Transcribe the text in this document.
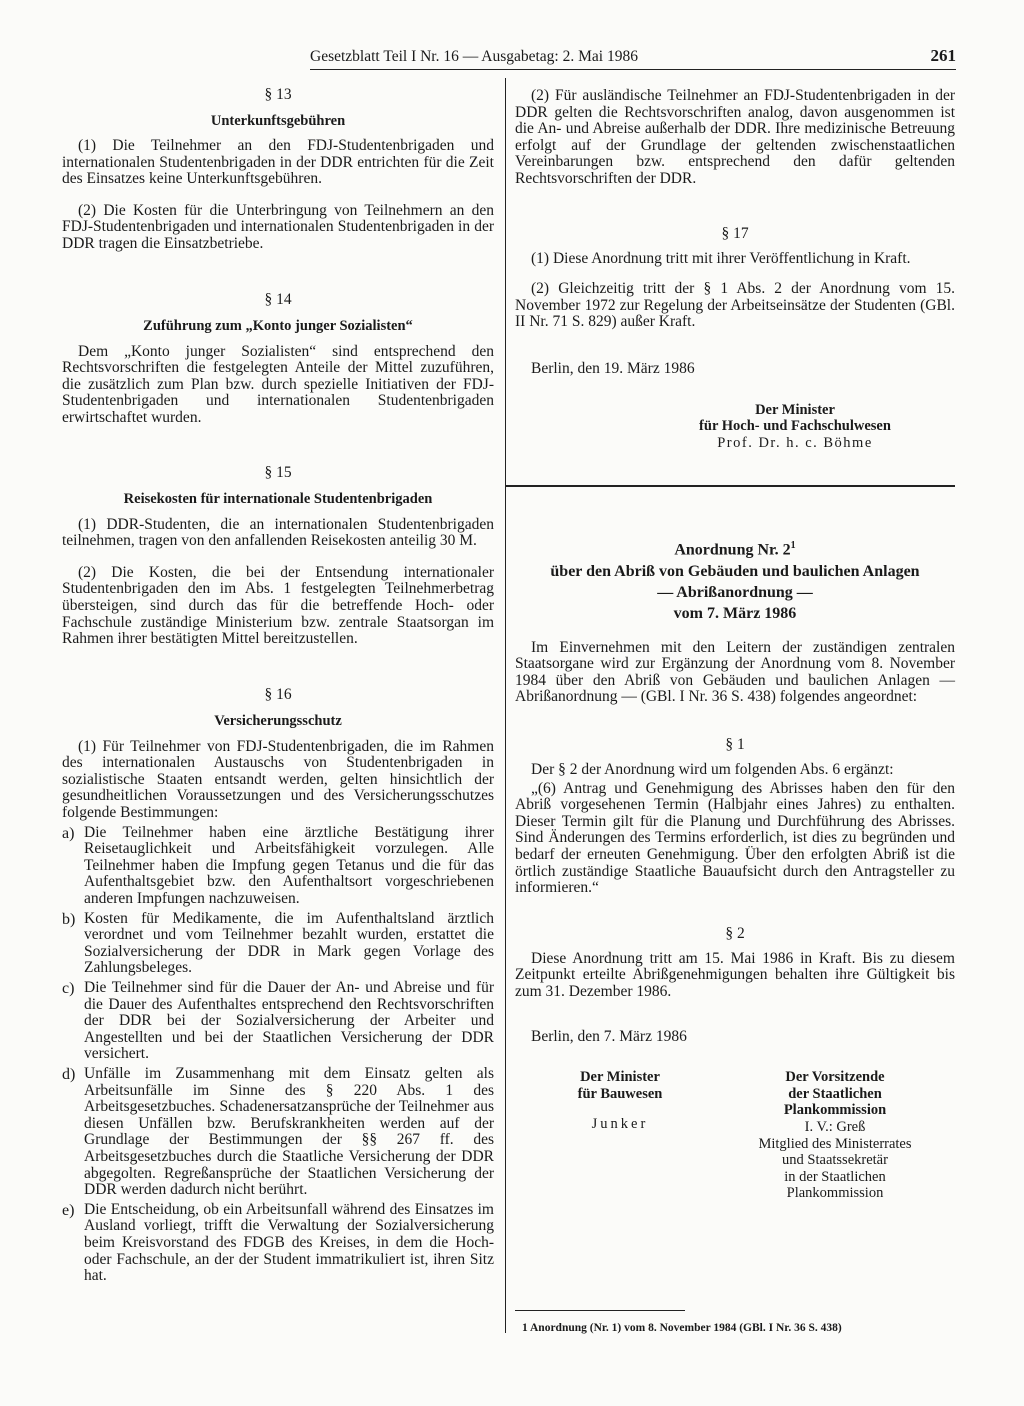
Gesetzblatt Teil I Nr. 16 — Ausgabetag: 2. Mai 1986	261
§ 13
Unterkunftsgebühren

(1) Die Teilnehmer an den FDJ-Studentenbrigaden und internationalen Studentenbrigaden in der DDR entrichten für die Zeit des Einsatzes keine Unterkunftsgebühren.

(2) Die Kosten für die Unterbringung von Teilnehmern an den FDJ-Studentenbrigaden und internationalen Studentenbrigaden in der DDR tragen die Einsatzbetriebe.

§ 14
Zuführung zum „Konto junger Sozialisten“

Dem „Konto junger Sozialisten“ sind entsprechend den Rechtsvorschriften die festgelegten Anteile der Mittel zuzuführen, die zusätzlich zum Plan bzw. durch spezielle Initiativen der FDJ-Studentenbrigaden und internationalen Studentenbrigaden erwirtschaftet wurden.

§ 15
Reisekosten für internationale Studentenbrigaden

(1) DDR-Studenten, die an internationalen Studentenbrigaden teilnehmen, tragen von den anfallenden Reisekosten anteilig 30 M.

(2) Die Kosten, die bei der Entsendung internationaler Studentenbrigaden den im Abs. 1 festgelegten Teilnehmerbetrag übersteigen, sind durch das für die betreffende Hoch- oder Fachschule zuständige Ministerium bzw. zentrale Staatsorgan im Rahmen ihrer bestätigten Mittel bereitzustellen.

§ 16
Versicherungsschutz

(1) Für Teilnehmer von FDJ-Studentenbrigaden, die im Rahmen des internationalen Austauschs von Studentenbrigaden in sozialistische Staaten entsandt werden, gelten hinsichtlich der gesundheitlichen Voraussetzungen und des Versicherungsschutzes folgende Bestimmungen:

a) Die Teilnehmer haben eine ärztliche Bestätigung ihrer Reisetauglichkeit und Arbeitsfähigkeit vorzulegen. Alle Teilnehmer haben die Impfung gegen Tetanus und die für das Aufenthaltsgebiet bzw. den Aufenthaltsort vorgeschriebenen anderen Impfungen nachzuweisen.

b) Kosten für Medikamente, die im Aufenthaltsland ärztlich verordnet und vom Teilnehmer bezahlt wurden, erstattet die Sozialversicherung der DDR in Mark gegen Vorlage des Zahlungsbeleges.

c) Die Teilnehmer sind für die Dauer der An- und Abreise und für die Dauer des Aufenthaltes entsprechend den Rechtsvorschriften der DDR bei der Sozialversicherung der Arbeiter und Angestellten und bei der Staatlichen Versicherung der DDR versichert.

d) Unfälle im Zusammenhang mit dem Einsatz gelten als Arbeitsunfälle im Sinne des § 220 Abs. 1 des Arbeitsgesetzbuches. Schadenersatzansprüche der Teilnehmer aus diesen Unfällen bzw. Berufskrankheiten werden auf der Grundlage der Bestimmungen der §§ 267 ff. des Arbeitsgesetzbuches durch die Staatliche Versicherung der DDR abgegolten. Regreßansprüche der Staatlichen Versicherung der DDR werden dadurch nicht berührt.

e) Die Entscheidung, ob ein Arbeitsunfall während des Einsatzes im Ausland vorliegt, trifft die Verwaltung der Sozialversicherung beim Kreisvorstand des FDGB des Kreises, in dem die Hoch- oder Fachschule, an der der Student immatrikuliert ist, ihren Sitz hat.

(2) Für ausländische Teilnehmer an FDJ-Studentenbrigaden in der DDR gelten die Rechtsvorschriften analog, davon ausgenommen ist die An- und Abreise außerhalb der DDR. Ihre medizinische Betreuung erfolgt auf der Grundlage der geltenden zwischenstaatlichen Vereinbarungen bzw. entsprechend den dafür geltenden Rechtsvorschriften der DDR.

§ 17

(1) Diese Anordnung tritt mit ihrer Veröffentlichung in Kraft.

(2) Gleichzeitig tritt der § 1 Abs. 2 der Anordnung vom 15. November 1972 zur Regelung der Arbeitseinsätze der Studenten (GBl. II Nr. 71 S. 829) außer Kraft.

Berlin, den 19. März 1986

Der Minister
für Hoch- und Fachschulwesen
Prof. Dr. h. c. Böhme
Anordnung Nr. $2^1$
über den Abriß von Gebäuden und baulichen Anlagen
— Abrißanordnung —
vom 7. März 1986

Im Einvernehmen mit den Leitern der zuständigen zentralen Staatsorgane wird zur Ergänzung der Anordnung vom 8. November 1984 über den Abriß von Gebäuden und baulichen Anlagen — Abrißanordnung — (GBl. I Nr. 36 S. 438) folgendes angeordnet:

§ 1

Der § 2 der Anordnung wird um folgenden Abs. 6 ergänzt:

„(6) Antrag und Genehmigung des Abrisses haben den für den Abriß vorgesehenen Termin (Halbjahr eines Jahres) zu enthalten. Dieser Termin gilt für die Planung und Durchführung des Abrisses. Sind Änderungen des Termins erforderlich, ist dies zu begründen und bedarf der erneuten Genehmigung. Über den erfolgten Abriß ist die örtlich zuständige Staatliche Bauaufsicht durch den Antragsteller zu informieren.“

§ 2

Diese Anordnung tritt am 15. Mai 1986 in Kraft. Bis zu diesem Zeitpunkt erteilte Abrißgenehmigungen behalten ihre Gültigkeit bis zum 31. Dezember 1986.

Berlin, den 7. März 1986

Der Minister
für Bauwesen
Junker
Der Vorsitzende
der Staatlichen
Plankommission
I. V.: Greß
Mitglied des Ministerrates
und Staatssekretär
in der Staatlichen
Plankommission
1 Anordnung (Nr. 1) vom 8. November 1984 (GBl. I Nr. 36 S. 438)
